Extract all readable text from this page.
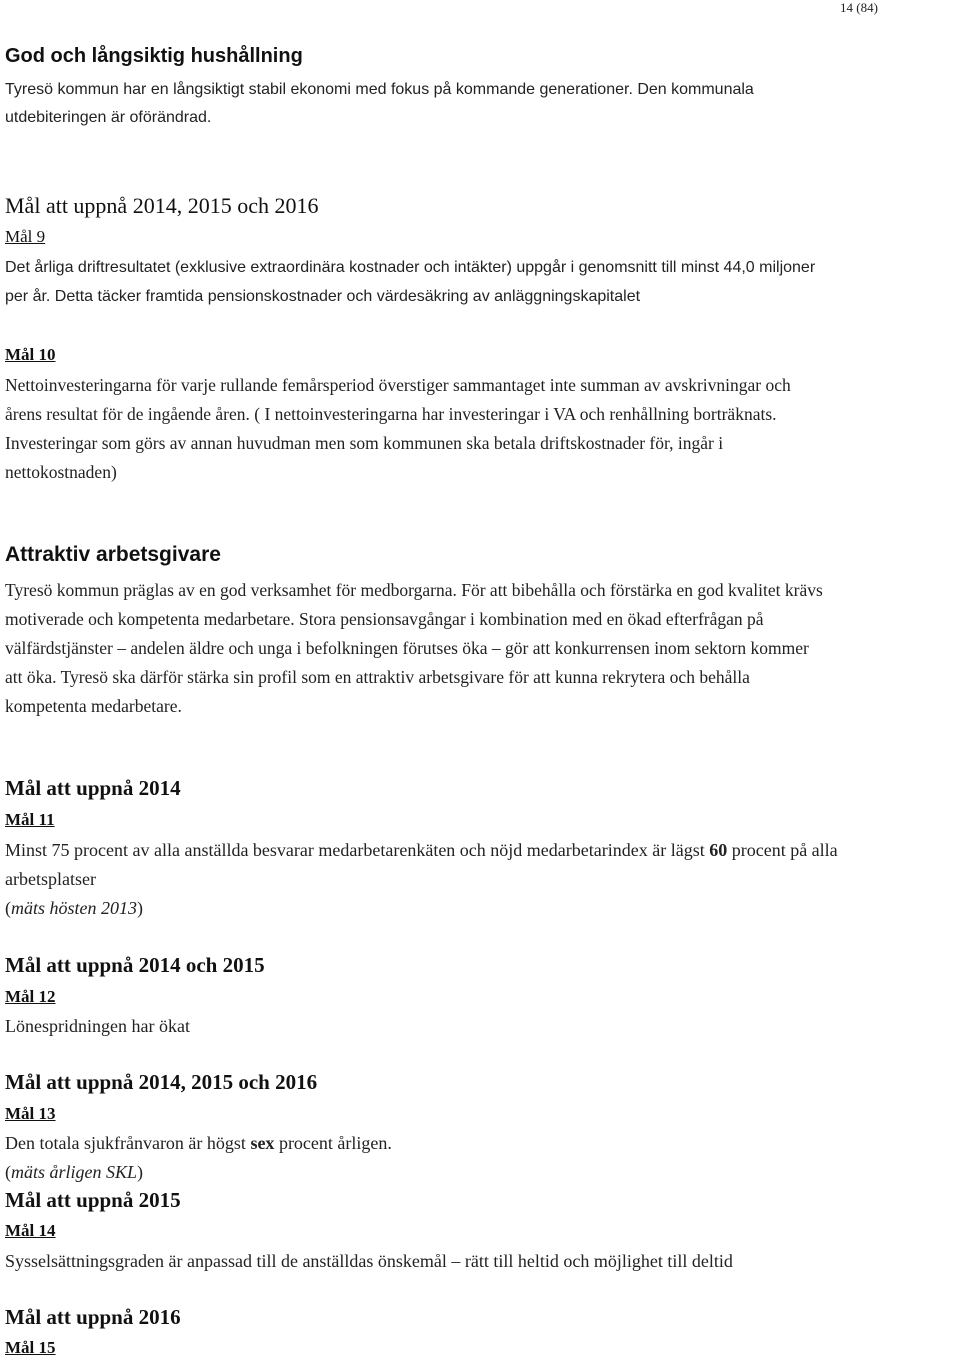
14 (84)
God och långsiktig hushållning
Tyresö kommun har en långsiktigt stabil ekonomi med fokus på kommande generationer. Den kommunala
utdebiteringen är oförändrad.
Mål att uppnå 2014, 2015 och 2016
Mål 9
Det årliga driftresultatet (exklusive extraordinära kostnader och intäkter) uppgår i genomsnitt till minst 44,0 miljoner
per år. Detta täcker framtida pensionskostnader och värdesäkring av anläggningskapitalet
Mål 10
Nettoinvesteringarna för varje rullande femårsperiod överstiger sammantaget inte summan av avskrivningar och
årens resultat för de ingående åren. ( I nettoinvesteringarna har investeringar i VA och renhållning borträknats.
Investeringar som görs av annan huvudman men som kommunen ska betala driftskostnader för, ingår i
nettokostnaden)
Attraktiv arbetsgivare
Tyresö kommun präglas av en god verksamhet för medborgarna. För att bibehålla och förstärka en god kvalitet krävs
motiverade och kompetenta medarbetare. Stora pensionsavgångar i kombination med en ökad efterfrågan på
välfärdstjänster – andelen äldre och unga i befolkningen förutses öka – gör att konkurrensen inom sektorn kommer
att öka. Tyresö ska därför stärka sin profil som en attraktiv arbetsgivare för att kunna rekrytera och behålla
kompetenta medarbetare.
Mål att uppnå 2014
Mål 11
Minst 75 procent av alla anställda besvarar medarbetarenkäten och nöjd medarbetarindex är lägst 60 procent på alla
arbetsplatser
(mäts hösten 2013)
Mål att uppnå 2014 och 2015
Mål 12
Lönespridningen har ökat
Mål att uppnå 2014, 2015 och 2016
Mål 13
Den totala sjukfrånvaron är högst sex procent årligen.
(mäts årligen SKL)
Mål att uppnå 2015
Mål 14
Sysselsättningsgraden är anpassad till de anställdas önskemål – rätt till heltid och möjlighet till deltid
Mål att uppnå 2016
Mål 15
